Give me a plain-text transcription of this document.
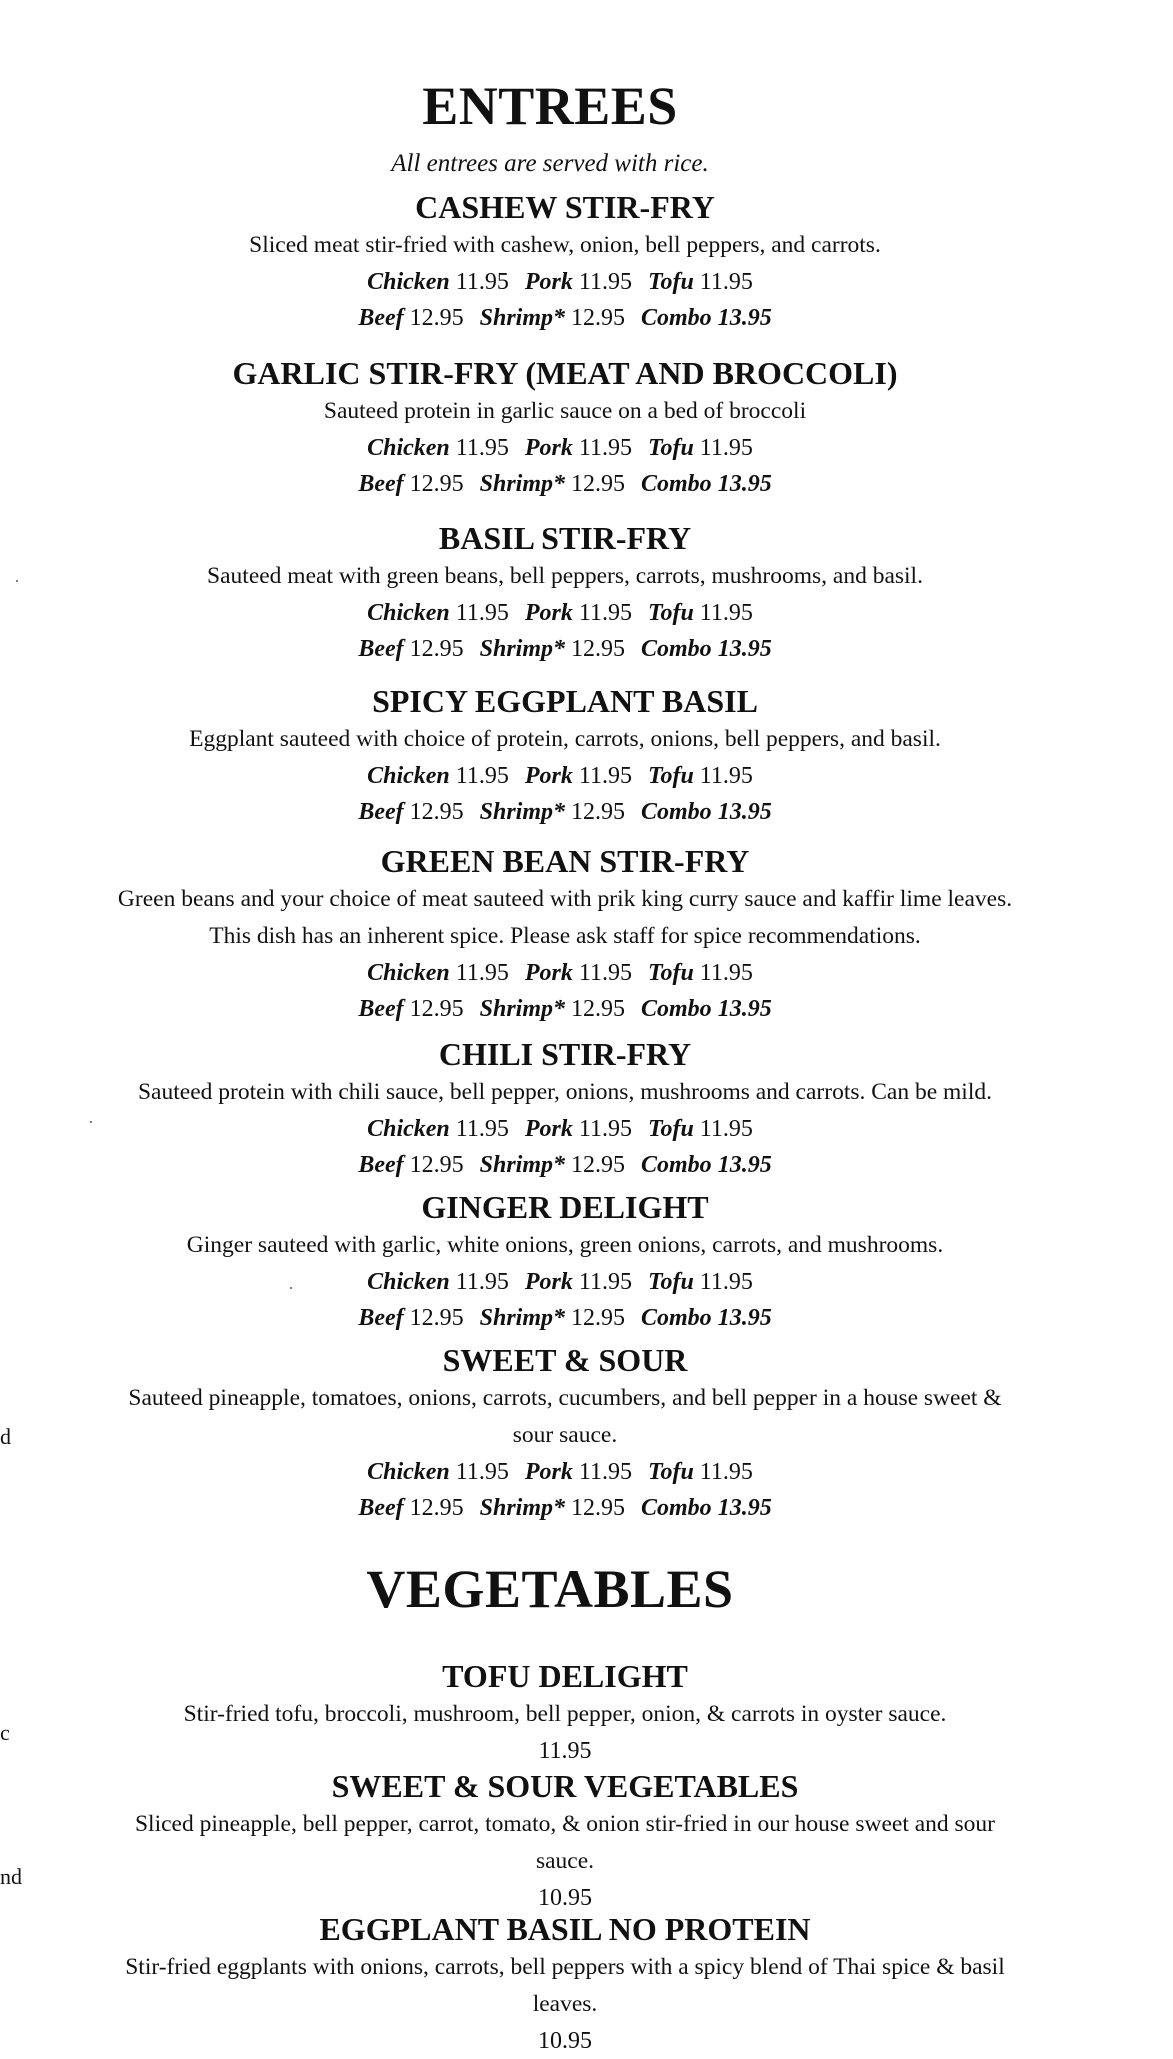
ENTREES

All entrees are served with rice.

CASHEW STIR-FRY

Sliced meat stir-fried with cashew, onion, bell peppers, and carrots.

Chicken 11.95 Pork 11.95 Tofu 11.95
Beef 12.95 Shrimp* 12.95 Combo 13.95
GARLIC STIR-FRY (MEAT AND BROCCOLI)

Sauteed protein in garlic sauce on a bed of broccoli

Chicken 11.95 Pork 11.95 Tofu 11.95
Beef 12.95 Shrimp* 12.95 Combo 13.95
BASIL STIR-FRY

Sauteed meat with green beans, bell peppers, carrots, mushrooms, and basil.

Chicken 11.95 Pork 11.95 Tofu 11.95
Beef 12.95 Shrimp* 12.95 Combo 13.95
SPICY EGGPLANT BASIL

Eggplant sauteed with choice of protein, carrots, onions, bell peppers, and basil.

Chicken 11.95 Pork 11.95 Tofu 11.95
Beef 12.95 Shrimp* 12.95 Combo 13.95
GREEN BEAN STIR-FRY

Green beans and your choice of meat sauteed with prik king curry sauce and kaffir lime leaves.

This dish has an inherent spice. Please ask staff for spice recommendations.

Chicken 11.95 Pork 11.95 Tofu 11.95
Beef 12.95 Shrimp* 12.95 Combo 13.95
CHILI STIR-FRY

Sauteed protein with chili sauce, bell pepper, onions, mushrooms and carrots. Can be mild.

Chicken 11.95 Pork 11.95 Tofu 11.95
Beef 12.95 Shrimp* 12.95 Combo 13.95
GINGER DELIGHT

Ginger sauteed with garlic, white onions, green onions, carrots, and mushrooms.

Chicken 11.95 Pork 11.95 Tofu 11.95
Beef 12.95 Shrimp* 12.95 Combo 13.95
SWEET & SOUR

Sauteed pineapple, tomatoes, onions, carrots, cucumbers, and bell pepper in a house sweet &

sour sauce.

Chicken 11.95 Pork 11.95 Tofu 11.95
Beef 12.95 Shrimp* 12.95 Combo 13.95
VEGETABLES
TOFU DELIGHT

Stir-fried tofu, broccoli, mushroom, bell pepper, onion, & carrots in oyster sauce.

11.95
SWEET & SOUR VEGETABLES

Sliced pineapple, bell pepper, carrot, tomato, & onion stir-fried in our house sweet and sour

sauce.

10.95
EGGPLANT BASIL NO PROTEIN

Stir-fried eggplants with onions, carrots, bell peppers with a spicy blend of Thai spice & basil

leaves.

10.95
d
c
nd
